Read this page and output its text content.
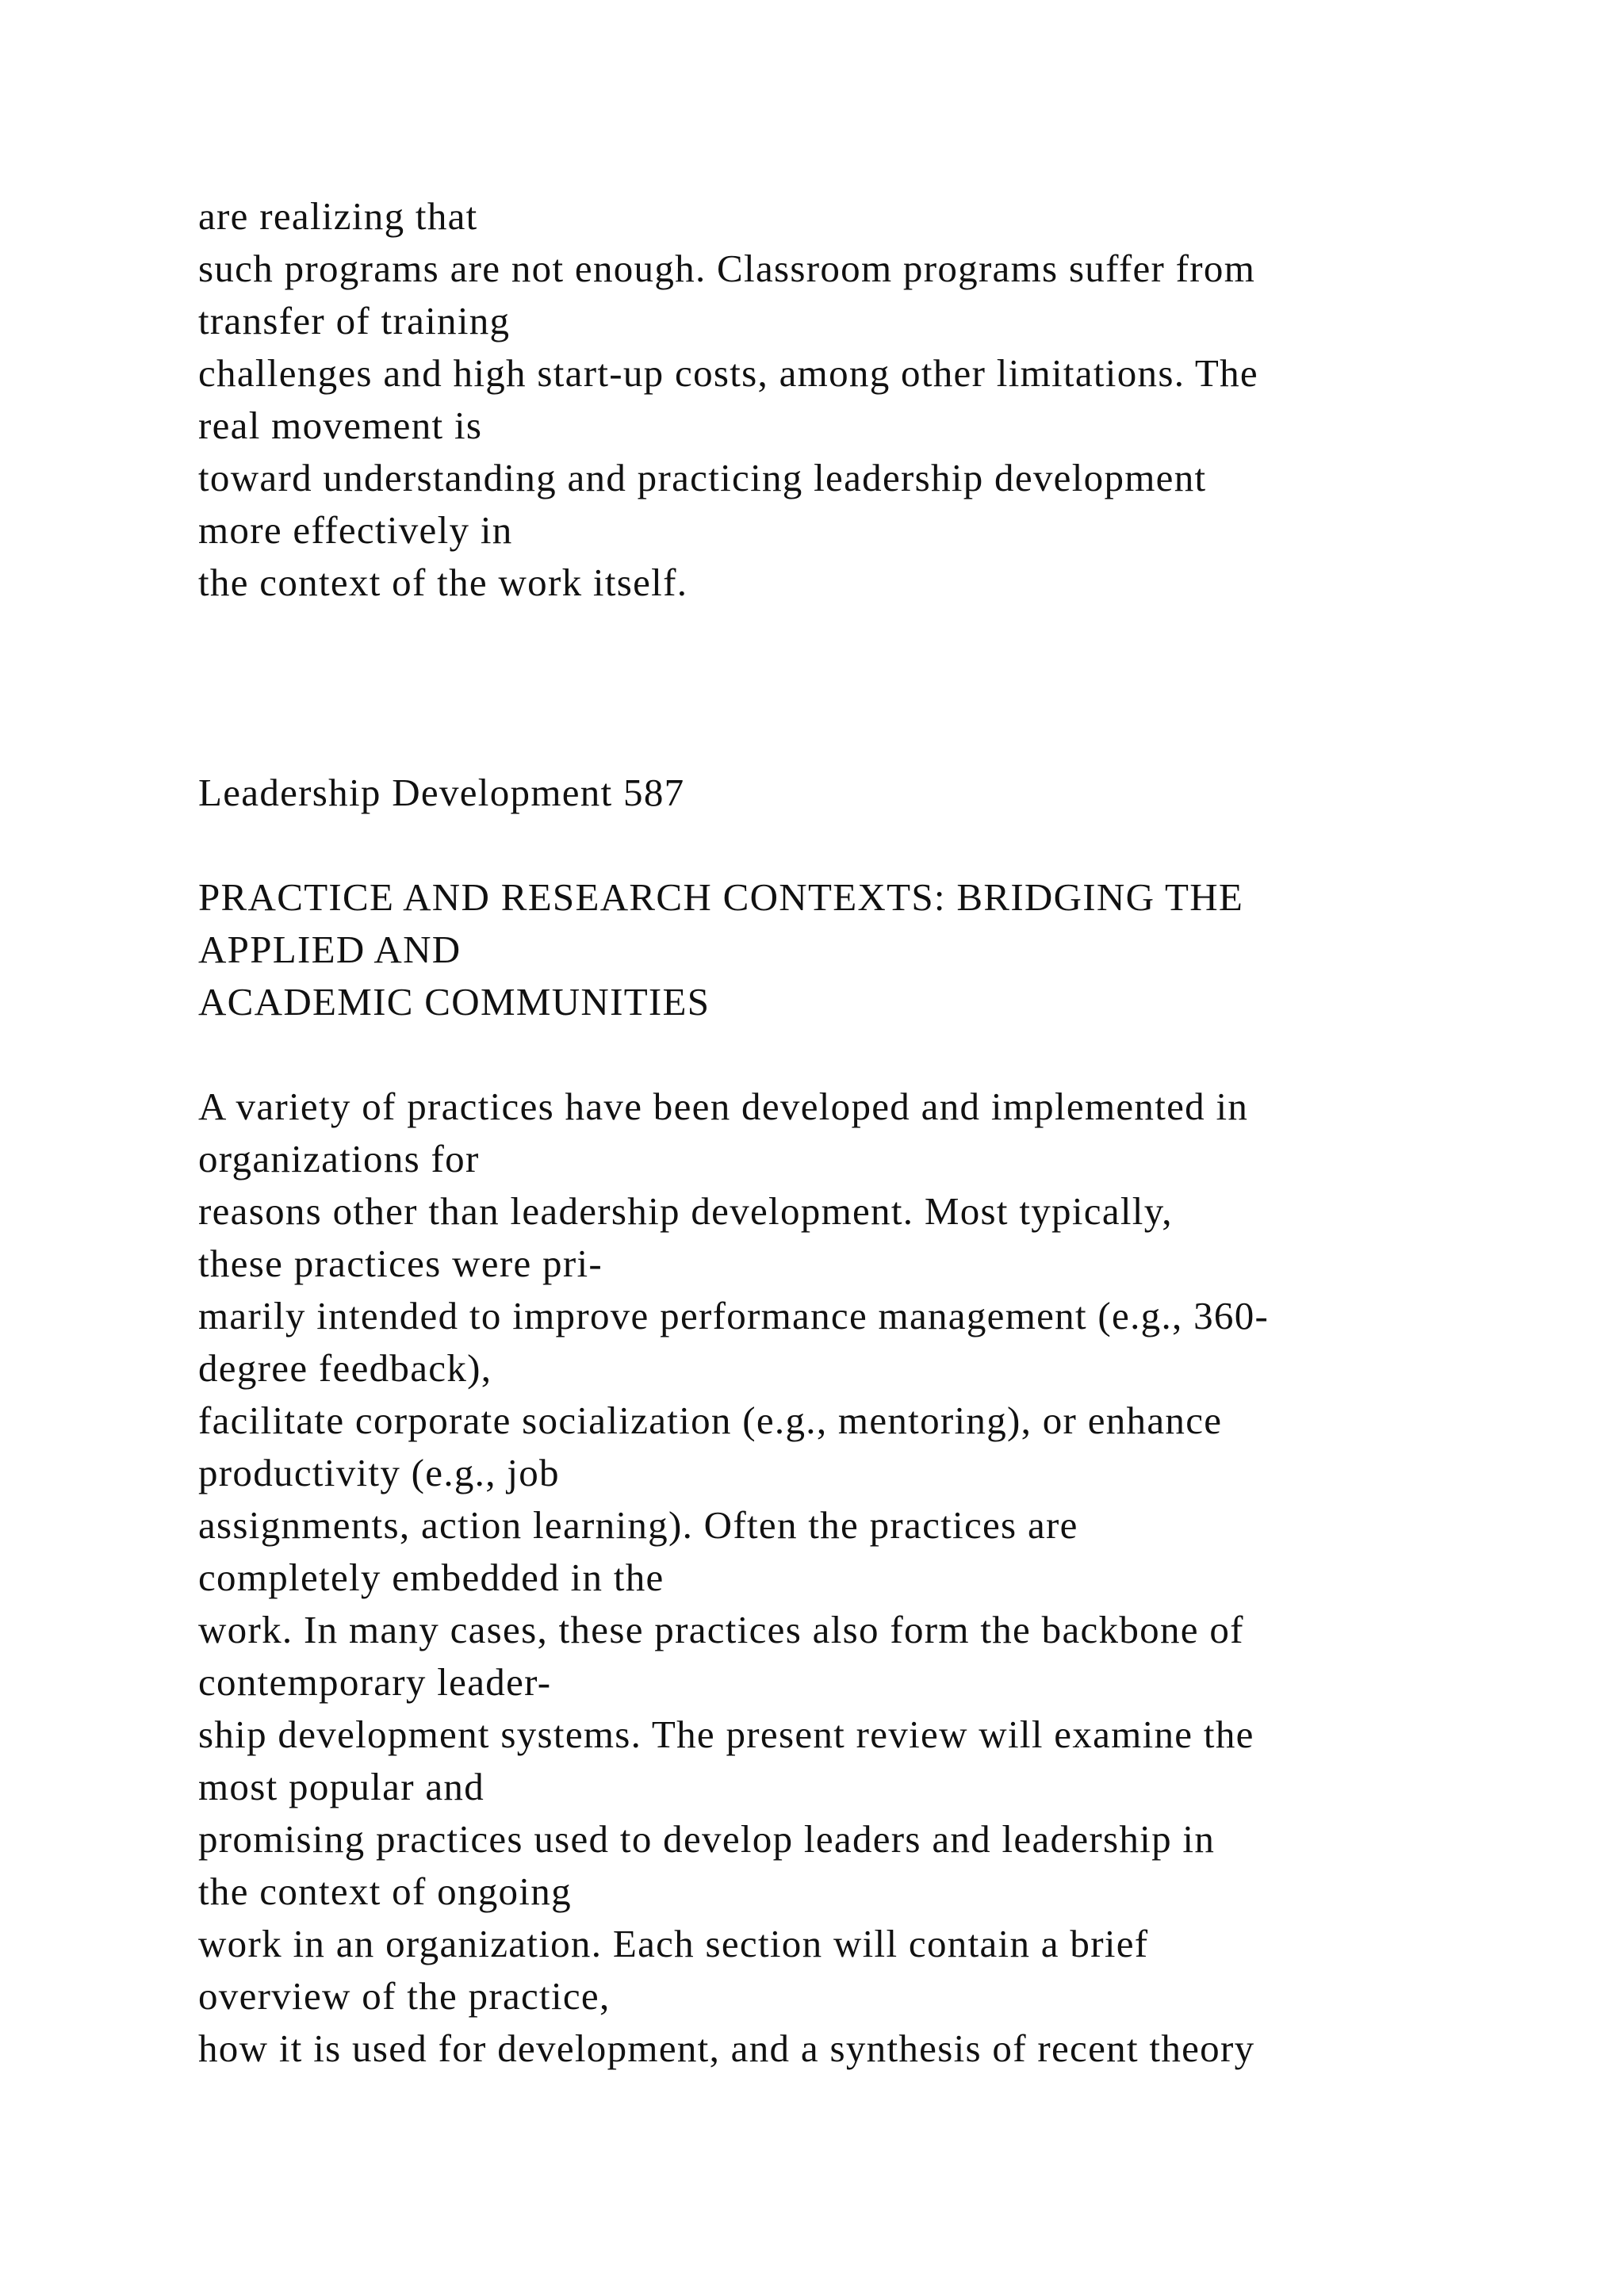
are realizing that
such programs are not enough. Classroom programs suffer from
transfer of training
challenges and high start-up costs, among other limitations. The
real movement is
toward understanding and practicing leadership development
more effectively in
the context of the work itself.
Leadership Development 587
PRACTICE AND RESEARCH CONTEXTS: BRIDGING THE
APPLIED AND
ACADEMIC COMMUNITIES
A variety of practices have been developed and implemented in
organizations for
reasons other than leadership development. Most typically,
these practices were pri-
marily intended to improve performance management (e.g., 360-
degree feedback),
facilitate corporate socialization (e.g., mentoring), or enhance
productivity (e.g., job
assignments, action learning). Often the practices are
completely embedded in the
work. In many cases, these practices also form the backbone of
contemporary leader-
ship development systems. The present review will examine the
most popular and
promising practices used to develop leaders and leadership in
the context of ongoing
work in an organization. Each section will contain a brief
overview of the practice,
how it is used for development, and a synthesis of recent theory
